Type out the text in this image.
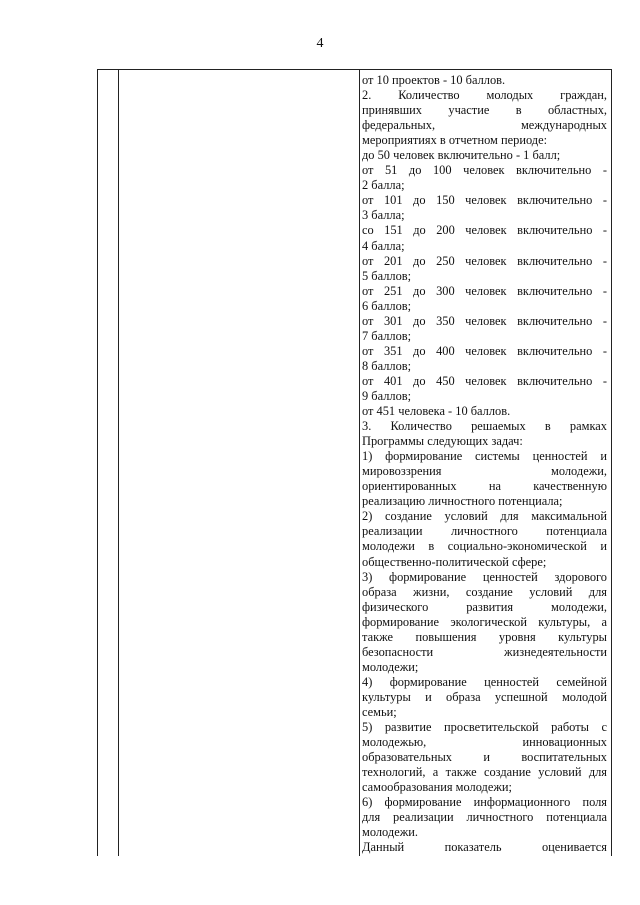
4

от 10 проектов - 10 баллов.

2. Количество молодых граждан,

принявших участие в областных,

федеральных, международных

мероприятиях в отчетном периоде:

до 50 человек включительно - 1 балл;

от 51 до 100 человек включительно -

2 балла;

от 101 до 150 человек включительно -

3 балла;

со 151 до 200 человек включительно -

4 балла;

от 201 до 250 человек включительно -

5 баллов;

от 251 до 300 человек включительно -

6 баллов;

от 301 до 350 человек включительно -

7 баллов;

от 351 до 400 человек включительно -

8 баллов;

от 401 до 450 человек включительно -

9 баллов;

от 451 человека - 10 баллов.

3. Количество решаемых в рамках

Программы следующих задач:

1) формирование системы ценностей и

мировоззрения молодежи,

ориентированных на качественную

реализацию личностного потенциала;

2) создание условий для максимальной

реализации личностного потенциала

молодежи в социально-экономической и

общественно-политической сфере;

3) формирование ценностей здорового

образа жизни, создание условий для

физического развития молодежи,

формирование экологической культуры, а

также повышения уровня культуры

безопасности жизнедеятельности

молодежи;

4) формирование ценностей семейной

культуры и образа успешной молодой

семьи;

5) развитие просветительской работы с

молодежью, инновационных

образовательных и воспитательных

технологий, а также создание условий для

самообразования молодежи;

6) формирование информационного поля

для реализации личностного потенциала

молодежи.

Данный показатель оценивается
